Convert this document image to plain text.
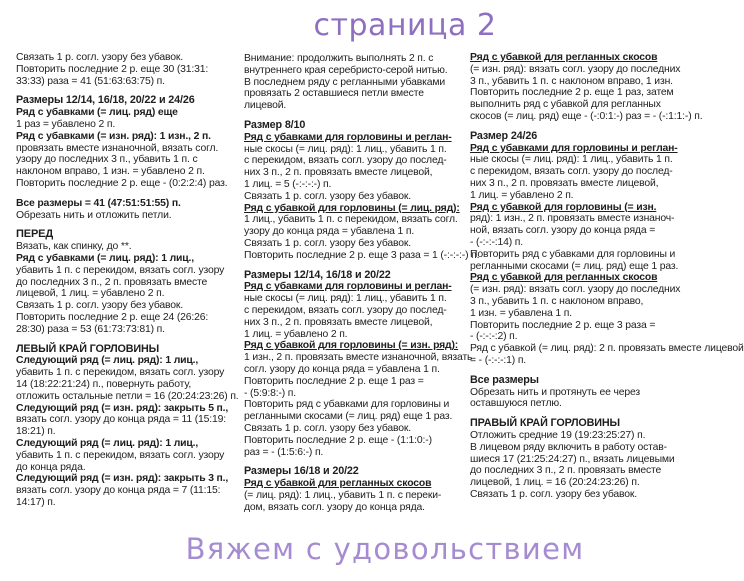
страница 2
Связать 1 р. согл. узору без убавок.
Повторить последние 2 р. еще 30 (31:31:
33:33) раза = 41 (51:63:63:75) п.
Размеры 12/14, 16/18, 20/22 и 24/26
Ряд с убавками (= лиц. ряд) еще
1 раз = убавлено 2 п.
Ряд с убавками (= изн. ряд): 1 изн., 2 п.
провязать вместе изнаночной, вязать согл.
узору до последних 3 п., убавить 1 п. с
наклоном вправо, 1 изн. = убавлено 2 п.
Повторить последние 2 р. еще - (0:2:2:4) раз.
Все размеры = 41 (47:51:51:55) п.
Обрезать нить и отложить петли.
ПЕРЕД
Вязать, как спинку, до **.
Ряд с убавками (= лиц. ряд): 1 лиц.,
убавить 1 п. с перекидом, вязать согл. узору
до последних 3 п., 2 п. провязать вместе
лицевой, 1 лиц. = убавлено 2 п.
Связать 1 р. согл. узору без убавок.
Повторить последние 2 р. еще 24 (26:26:
28:30) раза = 53 (61:73:73:81) п.
ЛЕВЫЙ КРАЙ ГОРЛОВИНЫ
Следующий ряд (= лиц. ряд): 1 лиц.,
убавить 1 п. с перекидом, вязать согл. узору
14 (18:22:21:24) п., повернуть работу,
отложить остальные петли = 16 (20:24:23:26) п.
Следующий ряд (= изн. ряд): закрыть 5 п.,
вязать согл. узору до конца ряда = 11 (15:19:
18:21) п.
Следующий ряд (= лиц. ряд): 1 лиц.,
убавить 1 п. с перекидом, вязать согл. узору
до конца ряда.
Следующий ряд (= изн. ряд): закрыть 3 п.,
вязать согл. узору до конца ряда = 7 (11:15:
14:17) п.
Внимание: продолжить выполнять 2 п. с
внутреннего края серебристо-серой нитью.
В последнем ряду с регланными убавками
провязать 2 оставшиеся петли вместе
лицевой.
Размер 8/10
Ряд с убавками для горловины и реглан-
ные скосы (= лиц. ряд): 1 лиц., убавить 1 п.
с перекидом, вязать согл. узору до послед-
них 3 п., 2 п. провязать вместе лицевой,
1 лиц. = 5 (-:-:-:-) п.
Связать 1 р. согл. узору без убавок.
Ряд с убавкой для горловины (= лиц. ряд):
1 лиц., убавить 1 п. с перекидом, вязать согл.
узору до конца ряда = убавлена 1 п.
Связать 1 р. согл. узору без убавок.
Повторить последние 2 р. еще 3 раза = 1 (-:-:-:-) п.
Размеры 12/14, 16/18 и 20/22
Ряд с убавками для горловины и реглан-
ные скосы (= лиц. ряд): 1 лиц., убавить 1 п.
с перекидом, вязать согл. узору до послед-
них 3 п., 2 п. провязать вместе лицевой,
1 лиц. = убавлено 2 п.
Ряд с убавкой для горловины (= изн. ряд):
1 изн., 2 п. провязать вместе изнаночной, вязать
согл. узору до конца ряда = убавлена 1 п.
Повторить последние 2 р. еще 1 раз =
- (5:9:8:-) п.
Повторить ряд с убавками для горловины и
регланными скосами (= лиц. ряд) еще 1 раз.
Связать 1 р. согл. узору без убавок.
Повторить последние 2 р. еще - (1:1:0:-)
раз = - (1:5:6:-) п.
Размеры 16/18 и 20/22
Ряд с убавкой для регланных скосов
(= лиц. ряд): 1 лиц., убавить 1 п. с переки-
дом, вязать согл. узору до конца ряда.
Ряд с убавкой для регланных скосов
(= изн. ряд): вязать согл. узору до последних
3 п., убавить 1 п. с наклоном вправо, 1 изн.
Повторить последние 2 р. еще 1 раз, затем
выполнить ряд с убавкой для регланных
скосов (= лиц. ряд) еще - (-:0:1:-) раз = - (-:1:1:-) п.
Размер 24/26
Ряд с убавками для горловины и реглан-
ные скосы (= лиц. ряд): 1 лиц., убавить 1 п.
с перекидом, вязать согл. узору до послед-
них 3 п., 2 п. провязать вместе лицевой,
1 лиц. = убавлено 2 п.
Ряд с убавкой для горловины (= изн.
ряд): 1 изн., 2 п. провязать вместе изнаноч-
ной, вязать согл. узору до конца ряда =
- (-:-:-:14) п.
Повторить ряд с убавками для горловины и
регланными скосами (= лиц. ряд) еще 1 раз.
Ряд с убавкой для регланных скосов
(= изн. ряд): вязать согл. узору до последних
3 п., убавить 1 п. с наклоном вправо,
1 изн. = убавлена 1 п.
Повторить последние 2 р. еще 3 раза =
- (-:-:-:2) п.
Ряд с убавкой (= лиц. ряд): 2 п. провязать вместе лицевой
= - (-:-:-:1) п.
Все размеры
Обрезать нить и протянуть ее через
оставшуюся петлю.
ПРАВЫЙ КРАЙ ГОРЛОВИНЫ
Отложить средние 19 (19:23:25:27) п.
В лицевом ряду включить в работу остав-
шиеся 17 (21:25:24:27) п., вязать лицевыми
до последних 3 п., 2 п. провязать вместе
лицевой, 1 лиц. = 16 (20:24:23:26) п.
Связать 1 р. согл. узору без убавок.
Вяжем с удовольствием
